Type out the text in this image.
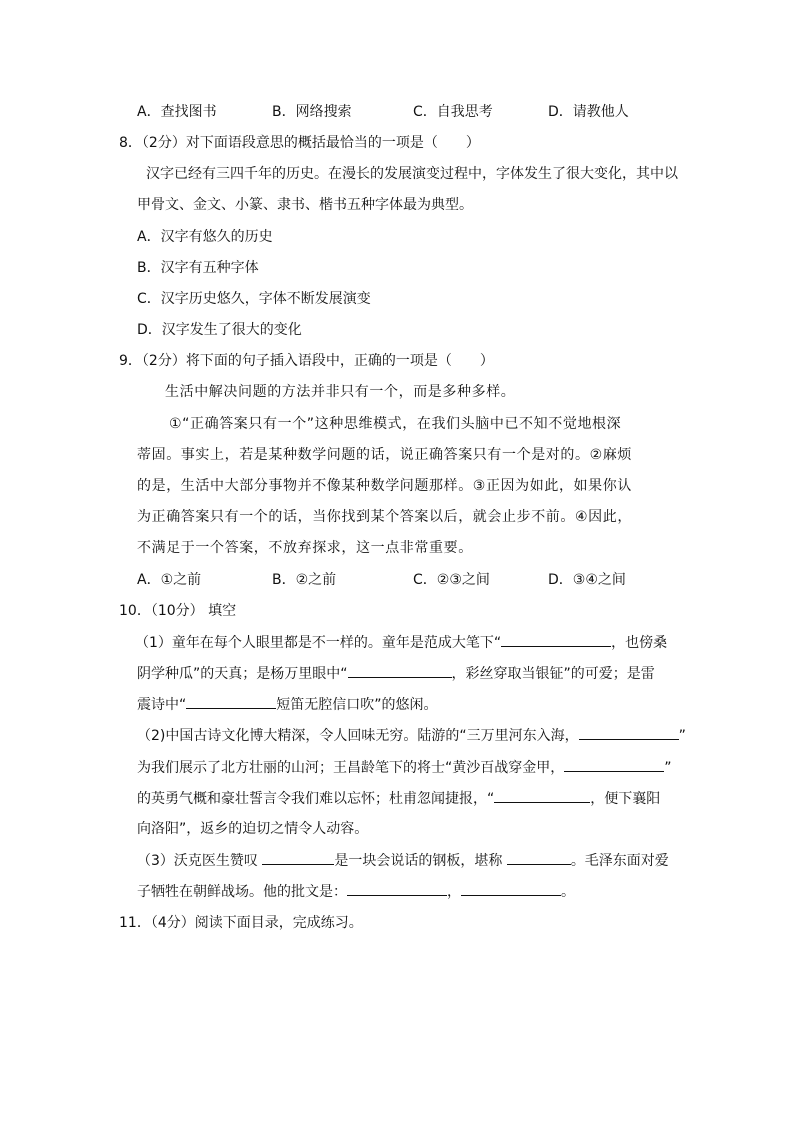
A．查找图书	B．网络搜索	C．自我思考	D．请教他人
8．（2分）对下面语段意思的概括最恰当的一项是（　　）
汉字已经有三四千年的历史。在漫长的发展演变过程中，字体发生了很大变化，其中以
甲骨文、金文、小篆、隶书、楷书五种字体最为典型。
A．汉字有悠久的历史
B．汉字有五种字体
C．汉字历史悠久，字体不断发展演变
D．汉字发生了很大的变化
9．（2分）将下面的句子插入语段中，正确的一项是（　　）
生活中解决问题的方法并非只有一个，而是多种多样。
①“正确答案只有一个”这种思维模式，在我们头脑中已不知不觉地根深
蒂固。事实上，若是某种数学问题的话，说正确答案只有一个是对的。②麻烦
的是，生活中大部分事物并不像某种数学问题那样。③正因为如此，如果你认
为正确答案只有一个的话，当你找到某个答案以后，就会止步不前。④因此，
不满足于一个答案，不放弃探求，这一点非常重要。
A．①之前	B．②之前	C．②③之间	D．③④之间
10．（10分） 填空
（1）童年在每个人眼里都是不一样的。童年是范成大笔下“	，也傍桑
阴学种瓜”的天真；是杨万里眼中“	，彩丝穿取当银钲”的可爱；是雷
震诗中“	短笛无腔信口吹”的悠闲。
（2)中国古诗文化博大精深，令人回味无穷。陆游的“三万里河东入海，	”
为我们展示了北方壮丽的山河；王昌龄笔下的将士“黄沙百战穿金甲，	”
的英勇气概和豪壮誓言令我们难以忘怀；杜甫忽闻捷报，“	，便下襄阳
向洛阳”，返乡的迫切之情令人动容。
（3）沃克医生赞叹	是一块会说话的钢板，堪称	。毛泽东面对爱
子牺牲在朝鲜战场。他的批文是：	，	。
11．（4分）阅读下面目录，完成练习。
